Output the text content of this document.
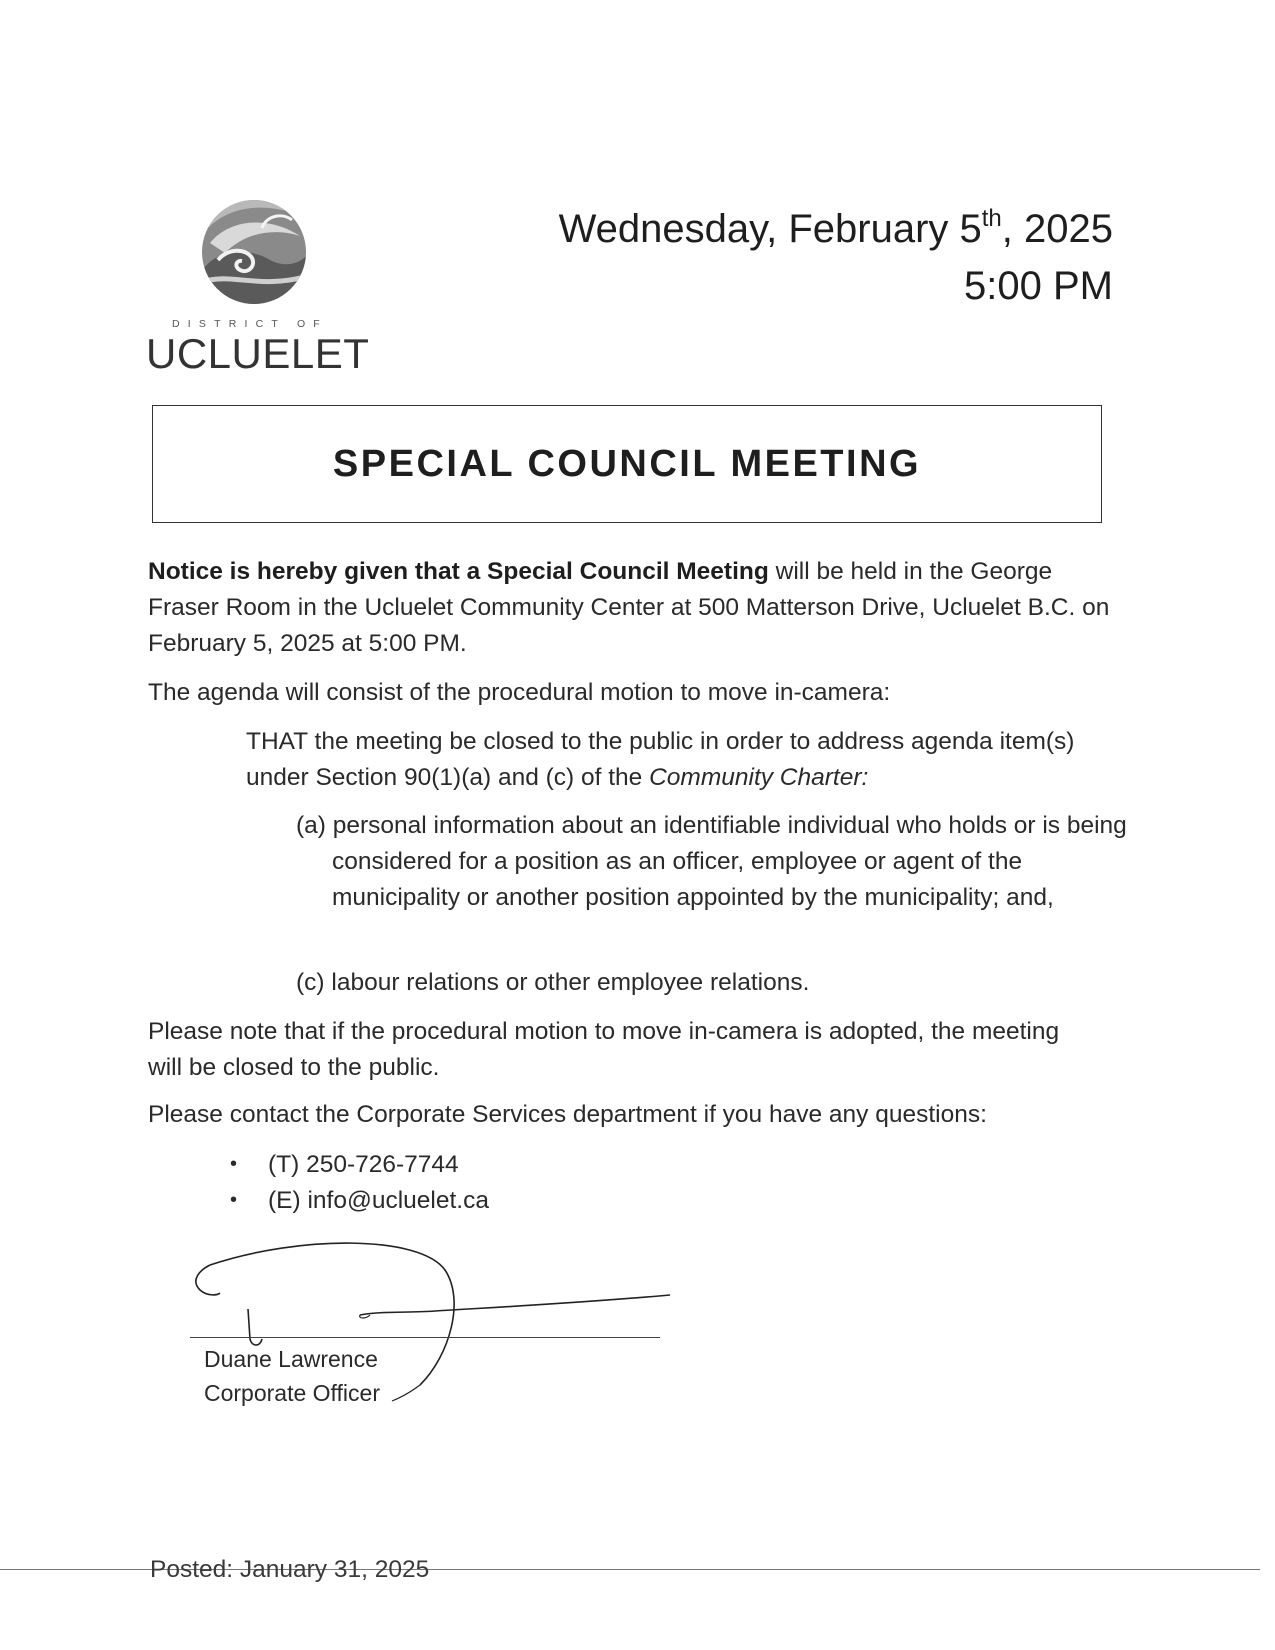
DISTRICT OF
UCLUELET
Wednesday, February 5th, 2025
5:00 PM
SPECIAL COUNCIL MEETING
Notice is hereby given that a Special Council Meeting will be held in the George Fraser Room in the Ucluelet Community Center at 500 Matterson Drive, Ucluelet B.C. on February 5, 2025 at 5:00 PM.
The agenda will consist of the procedural motion to move in-camera:
THAT the meeting be closed to the public in order to address agenda item(s) under Section 90(1)(a) and (c) of the Community Charter:
(a) personal information about an identifiable individual who holds or is being considered for a position as an officer, employee or agent of the municipality or another position appointed by the municipality; and,
(c) labour relations or other employee relations.
Please note that if the procedural motion to move in-camera is adopted, the meeting will be closed to the public.
Please contact the Corporate Services department if you have any questions:
• (T) 250-726-7744
• (E) info@ucluelet.ca
Duane Lawrence
Corporate Officer
Posted: January 31, 2025
